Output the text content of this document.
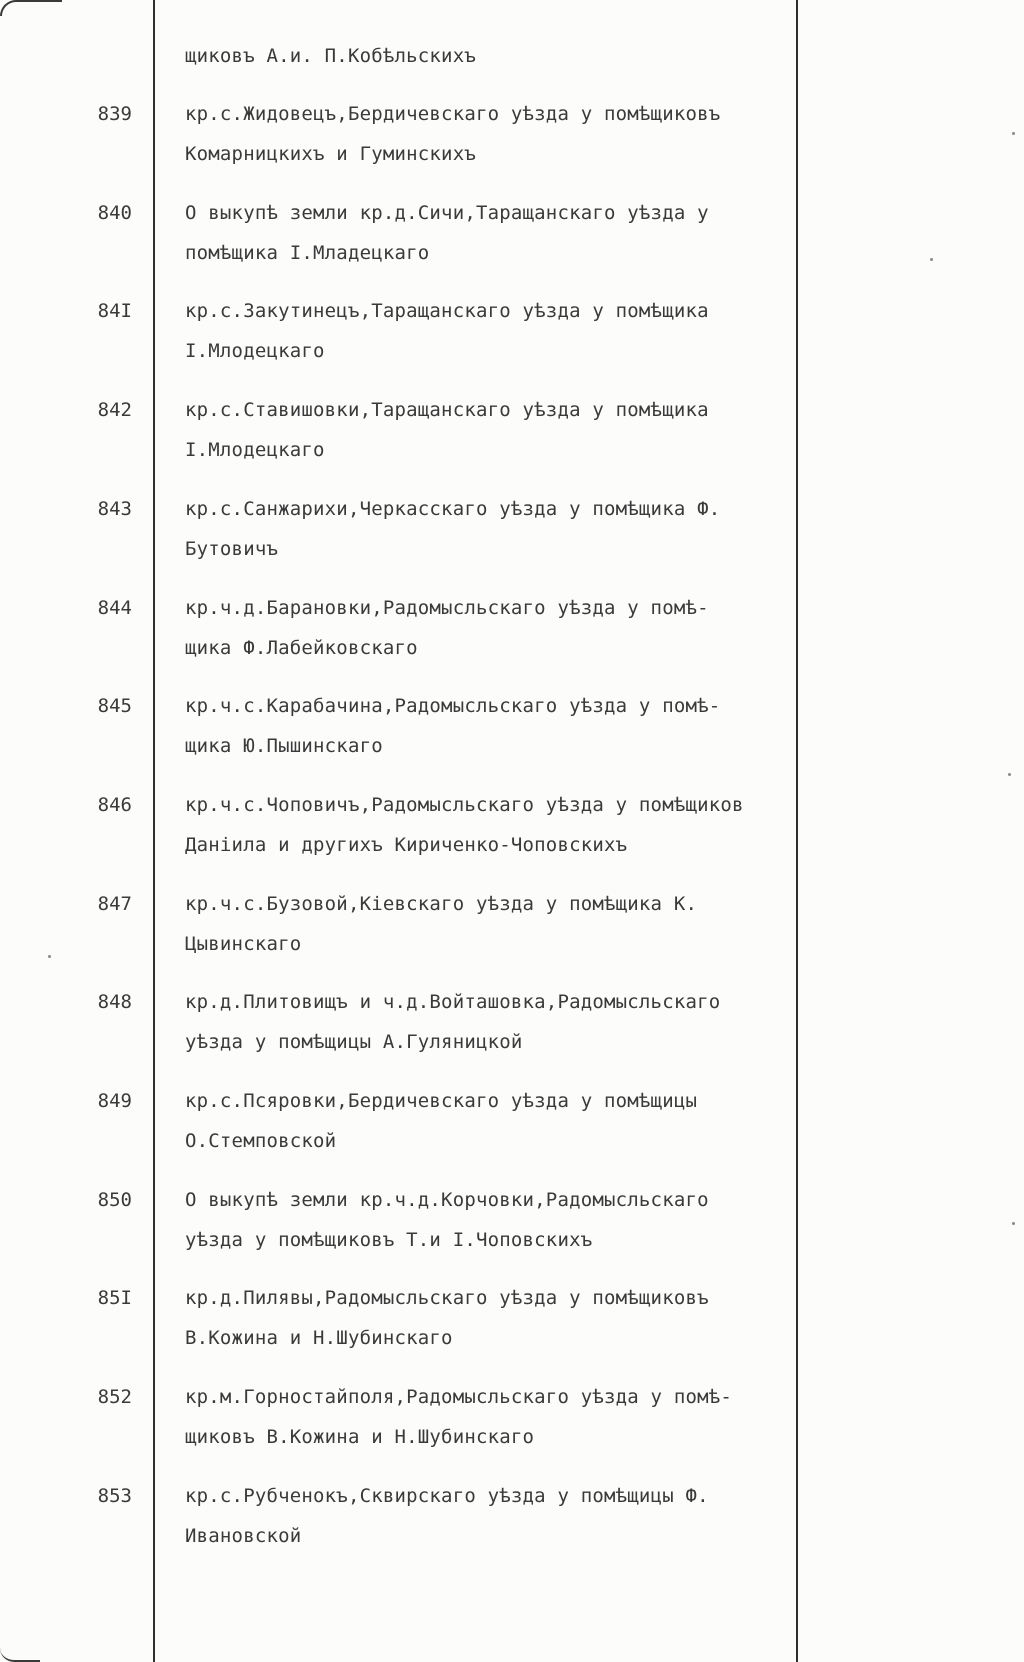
щиковъ А.и. П.Кобѣльскихъ
839	кр.с.Жидовецъ,Бердичевскаго уѣзда у помѣщиковъ
Комарницкихъ и Гуминскихъ
840	О выкупѣ земли кр.д.Сичи,Таращанскаго уѣзда у
помѣщика І.Младецкаго
84I	кр.с.Закутинецъ,Таращанскаго уѣзда у помѣщика
І.Млодецкаго
842	кр.с.Ставишовки,Таращанскаго уѣзда у помѣщика
І.Млодецкаго
843	кр.с.Санжарихи,Черкасскаго уѣзда у помѣщика Ф.
Бутовичъ
844	кр.ч.д.Барановки,Радомысльскаго уѣзда у помѣ-
щика Ф.Лабейковскаго
845	кр.ч.с.Карабачина,Радомысльскаго уѣзда у помѣ-
щика Ю.Пышинскаго
846	кр.ч.с.Чоповичъ,Радомысльскаго уѣзда у помѣщиков
Даніила и другихъ Кириченко-Чоповскихъ
847	кр.ч.с.Бузовой,Кіевскаго уѣзда у помѣщика К.
Цывинскаго
848	кр.д.Плитовищъ и ч.д.Войташовка,Радомысльскаго
уѣзда у помѣщицы А.Гуляницкой
849	кр.с.Псяровки,Бердичевскаго уѣзда у помѣщицы
О.Стемповской
850	О выкупѣ земли кр.ч.д.Корчовки,Радомысльскаго
уѣзда у помѣщиковъ Т.и І.Чоповскихъ
85I	кр.д.Пилявы,Радомысльскаго уѣзда у помѣщиковъ
В.Кожина и Н.Шубинскаго
852	кр.м.Горностайполя,Радомысльскаго уѣзда у помѣ-
щиковъ В.Кожина и Н.Шубинскаго
853	кр.с.Рубченокъ,Сквирскаго уѣзда у помѣщицы Ф.
Ивановской
